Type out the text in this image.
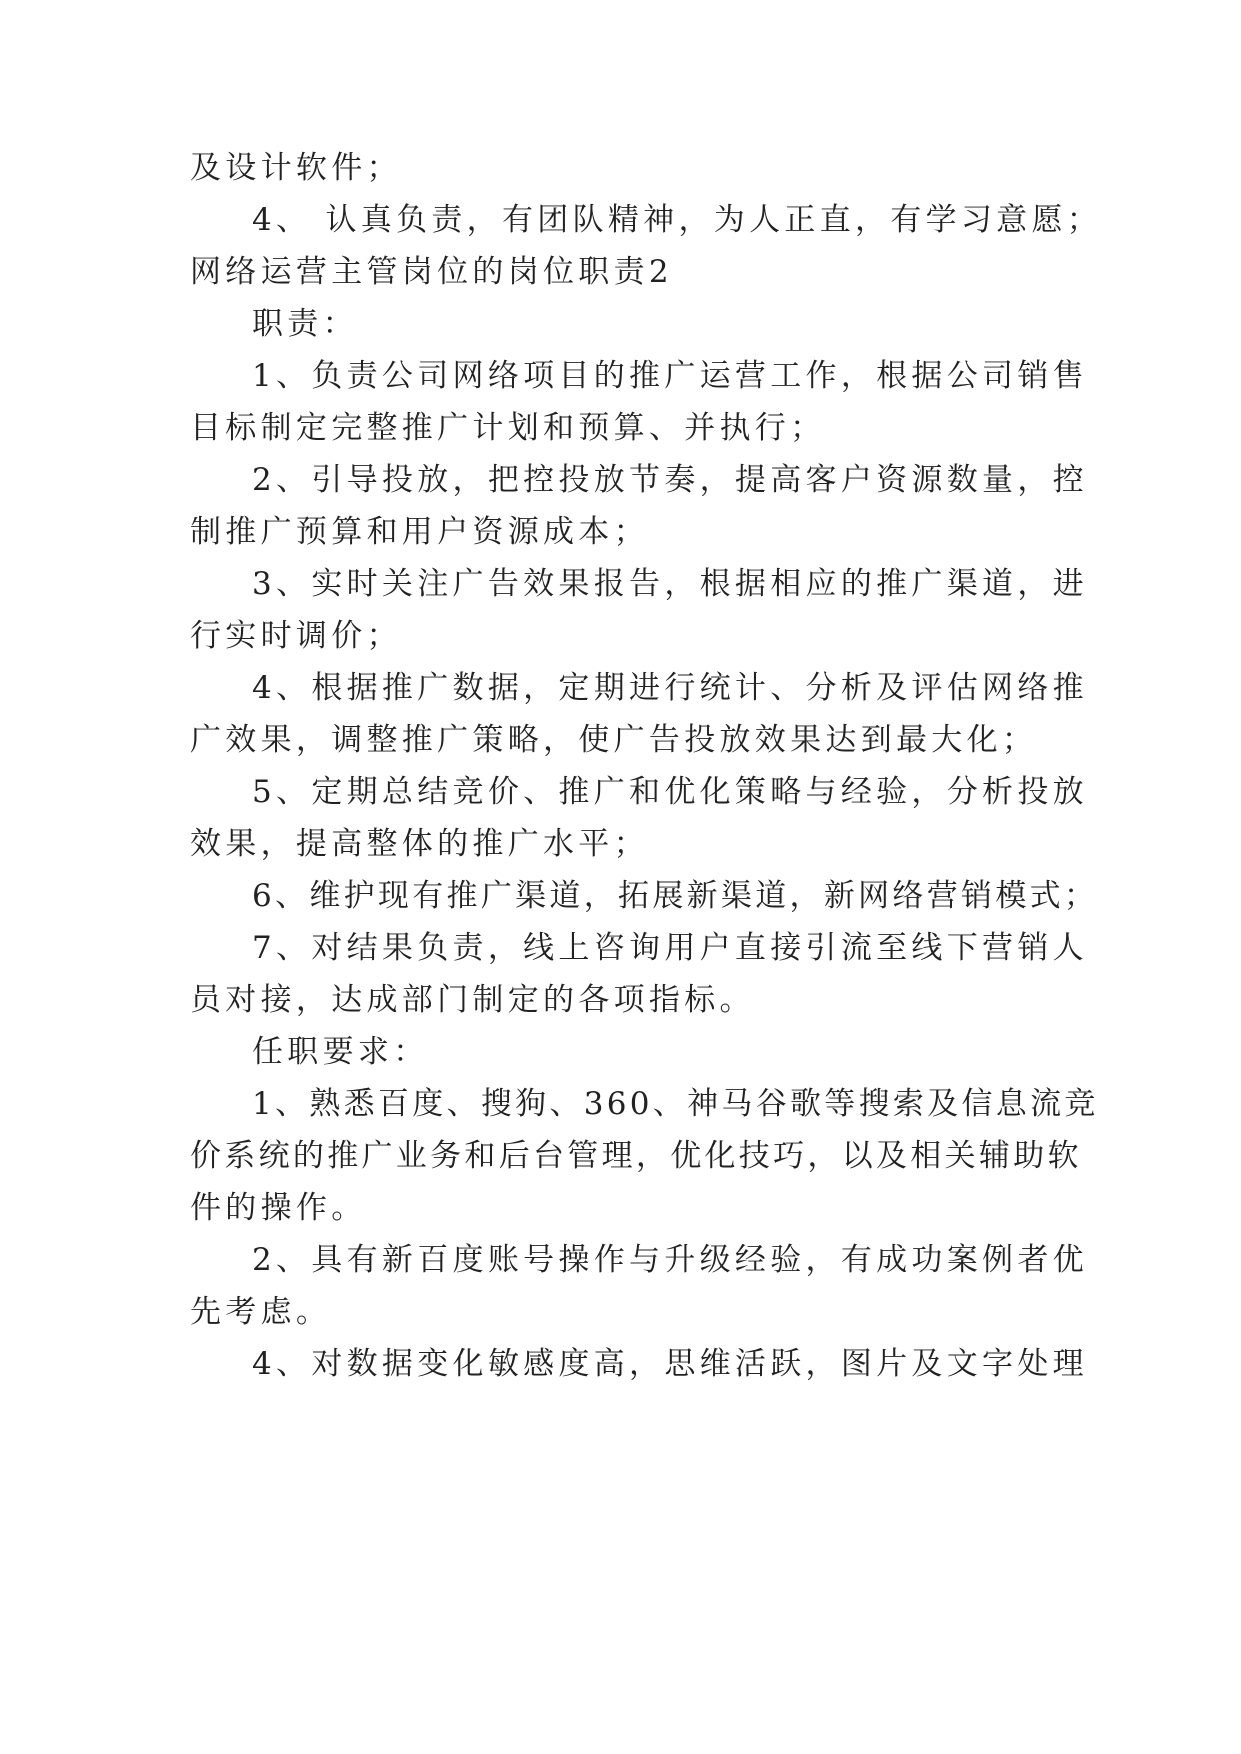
及设计软件；
4、 认真负责，有团队精神，为人正直，有学习意愿；
网络运营主管岗位的岗位职责2
职责：
1、负责公司网络项目的推广运营工作，根据公司销售
目标制定完整推广计划和预算、并执行；
2、引导投放，把控投放节奏，提高客户资源数量，控
制推广预算和用户资源成本；
3、实时关注广告效果报告，根据相应的推广渠道，进
行实时调价；
4、根据推广数据，定期进行统计、分析及评估网络推
广效果，调整推广策略，使广告投放效果达到最大化；
5、定期总结竞价、推广和优化策略与经验，分析投放
效果，提高整体的推广水平；
6、维护现有推广渠道，拓展新渠道，新网络营销模式；
7、对结果负责，线上咨询用户直接引流至线下营销人
员对接，达成部门制定的各项指标。
任职要求：
1、熟悉百度、搜狗、360、神马谷歌等搜索及信息流竞
价系统的推广业务和后台管理，优化技巧，以及相关辅助软
件的操作。
2、具有新百度账号操作与升级经验，有成功案例者优
先考虑。
4、对数据变化敏感度高，思维活跃，图片及文字处理
